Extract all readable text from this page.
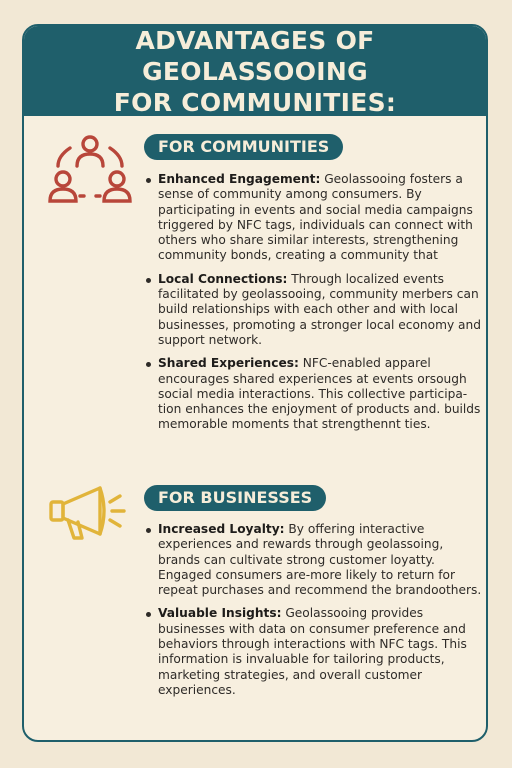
ADVANTAGES OF GEOLASSOOING
FOR COMMUNITIES:
FOR COMMUNITIES
Enhanced Engagement: Geolassooing fosters a sense of community among consumers. By participating in events and social media campaigns triggered by NFC tags, individuals can connect with others who share similar interests, strengthening community bonds, creating a community that
Local Connections: Through localized events facilitated by geolassooing, community merbers can build relationships with each other and with local businesses, promoting a stronger local economy and support network.
Shared Experiences: NFC-enabled apparel encourages shared experiences at events orsough social media interactions. This collective participa-tion enhances the enjoyment of products and. builds memorable moments that strengthennt ties.
FOR BUSINESSES
Increased Loyalty: By offering interactive experiences and rewards through geolassoing, brands can cultivate strong customer loyatty. Engaged consumers are-more likely to return for repeat purchases and recommend the brandoothers.
Valuable Insights: Geolassooing provides businesses with data on consumer preference and behaviors through interactions with NFC tags. This information is invaluable for tailoring products, marketing strategies, and overall customer experiences.
